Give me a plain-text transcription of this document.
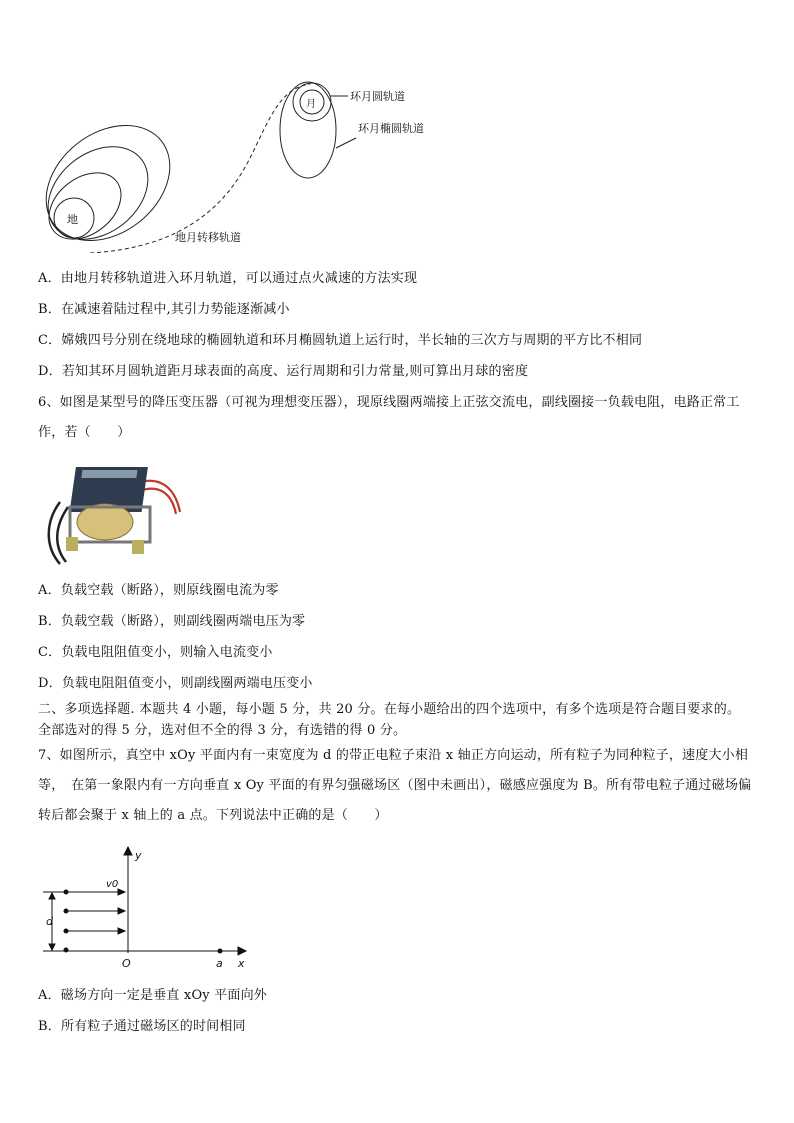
地
月
环月圆轨道
环月椭圆轨道
地月转移轨道
A．由地月转移轨道进入环月轨道，可以通过点火减速的方法实现
B．在减速着陆过程中,其引力势能逐渐减小
C．嫦娥四号分别在绕地球的椭圆轨道和环月椭圆轨道上运行时，半长轴的三次方与周期的平方比不相同
D．若知其环月圆轨道距月球表面的高度、运行周期和引力常量,则可算出月球的密度
6、如图是某型号的降压变压器（可视为理想变压器），现原线圈两端接上正弦交流电，副线圈接一负载电阻，电路正常工作，若（　　）
A．负载空载（断路），则原线圈电流为零
B．负载空载（断路），则副线圈两端电压为零
C．负载电阻阻值变小，则输入电流变小
D．负载电阻阻值变小，则副线圈两端电压变小
二、多项选择题. 本题共 4 小题，每小题 5 分，共 20 分。在每小题给出的四个选项中，有多个选项是符合题目要求的。
全部选对的得 5 分，选对但不全的得 3 分，有选错的得 0 分。
7、如图所示，真空中 xOy 平面内有一束宽度为 d 的带正电粒子束沿 x 轴正方向运动，所有粒子为同种粒子，速度大小相等，　在第一象限内有一方向垂直 x Oy 平面的有界匀强磁场区（图中未画出），磁感应强度为 B。所有带电粒子通过磁场偏转后都会聚于 x 轴上的 a 点。下列说法中正确的是（　　）
y
x
O	a
v0
d
A．磁场方向一定是垂直 xOy 平面向外
B．所有粒子通过磁场区的时间相同
